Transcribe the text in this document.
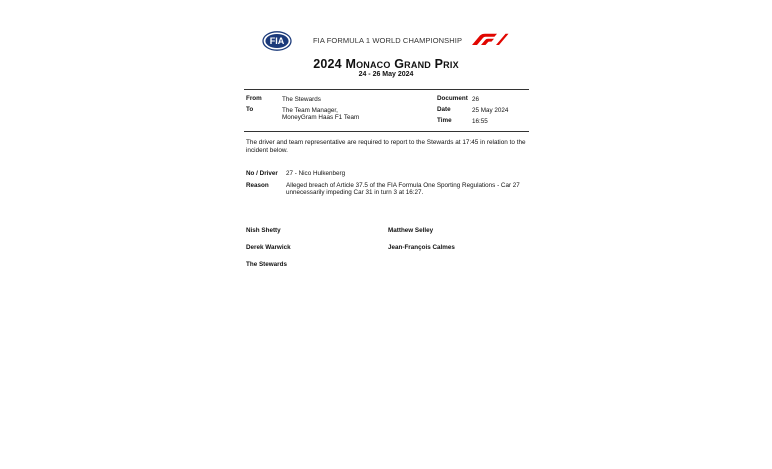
FIA	FIA FORMULA 1 WORLD CHAMPIONSHIP
2024 Monaco Grand Prix
24 - 26 May 2024
From	The Stewards
To	The Team Manager,
MoneyGram Haas F1 Team
Document 26
Date	25 May 2024
Time	16:55
The driver and team representative are required to report to the Stewards at 17:45 in relation to the incident below.
No / Driver 27 - Nico Hulkenberg
Reason	Alleged breach of Article 37.5 of the FIA Formula One Sporting Regulations - Car 27 unnecessarily impeding Car 31 in turn 3 at 16:27.
Nish Shetty	Matthew Selley
Derek Warwick	Jean-François Calmes
The Stewards
